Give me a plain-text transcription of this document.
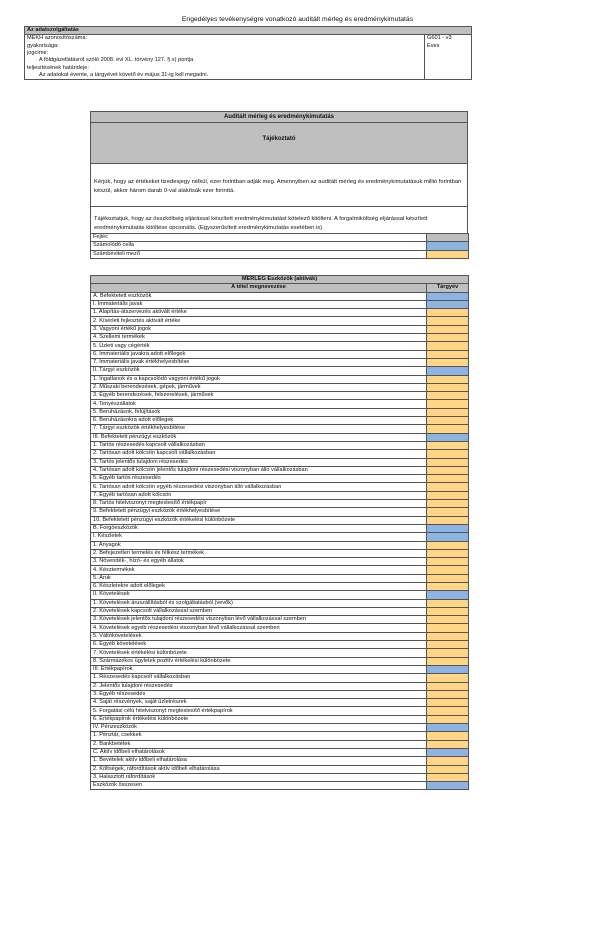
Engedélyes tevékenységre vonatkozó auditált mérleg és eredménykimutatás
Az adatszolgáltatás	
MEKH azonosítószáma:	G601 - v3
gyakorisága:	Éves
jogcíme:	
A földgázellátásról szóló 2008. évi XL. törvény 127. § s) pontja	
teljesítésének határideje:	
Az adatokat évente, a tárgyévet követő év május 31-ig kell megadni.	
Auditált mérleg és eredménykimutatás
Tájékoztató
Kérjük, hogy az értékeket tizedesjegy nélkül, ezer forintban adják meg. Amennyiben az auditált mérleg és eredménykimutatásuk millió forintban készül, akkor három darab 0-val alakítsák ezer forinttá.
Tájékoztatjuk, hogy az összköltség eljárással készített eredménykimutatást kötelező kitölteni. A forgalmiköltség eljárással készített eredménykimutatás kitöltése opcionális. (Egyszerűsített eredménykimutatás esetében is)
Fejléc	
Számolódó cella	
Számbeviteli mező	
MÉRLEG Eszközök (aktívák)	
A tétel megnevezése	Tárgyév
A. Befektetett eszközök	
I. Immateriális javak	
1. Alapítás-átszervezés aktivált értéke	
2. Kísérleti fejlesztés aktivált értéke	
3. Vagyoni értékű jogok	
4. Szellemi termékek	
5. Üzleti vagy cégérték	
6. Immateriális javakra adott előlegek	
7. Immateriális javak értékhelyesbítése	
II. Tárgyi eszközök	
1. Ingatlanok és a kapcsolódó vagyoni értékű jogok	
2. Műszaki berendezések, gépek, járművek	
3. Egyéb berendezések, felszerelések, járművek	
4. Tenyészállatok	
5. Beruházások, felújítások	
6. Beruházásokra adott előlegek	
7. Tárgyi eszközök értékhelyesbítése	
III. Befektetett pénzügyi eszközök	
1. Tartós részesedés kapcsolt vállalkozásban	
2. Tartósan adott kölcsön kapcsolt vállalkozásban	
3. Tartós jelentős tulajdoni részesedés	
4. Tartósan adott kölcsön jelentős tulajdoni részesedési viszonyban álló vállalkozásban	
5. Egyéb tartós részesedés	
6. Tartósan adott kölcsön egyéb részesedési viszonyban álló vállalkozásban	
7. Egyéb tartósan adott kölcsön	
8. Tartós hitelviszonyt megtestesítő értékpapír	
9. Befektetett pénzügyi eszközök értékhelyesbítése	
10. Befektetett pénzügyi eszközök értékelési különbözete	
B. Forgóeszközök	
I. Készletek	
1. Anyagok	
2. Befejezetlen termelés és félkész termékek	
3. Növendék-, hízó- és egyéb állatok	
4. Késztermékek	
5. Áruk	
6. Készletekre adott előlegek	
II. Követelések	
1. Követelések áruszállításból és szolgáltatásból (vevők)	
2. Követelések kapcsolt vállalkozással szemben	
3. Követelések jelentős tulajdoni részesedési viszonyban lévő vállalkozással szemben	
4. Követelések egyéb részesedési viszonyban lévő vállalkozással szemben	
5. Váltókövetelések	
6. Egyéb követelések	
7. Követelések értékelési különbözete	
8. Származékos ügyletek pozitív értékelési különbözete	
III. Értékpapírok	
1. Részesedés kapcsolt vállalkozásban	
2. Jelentős tulajdoni részesedés	
3. Egyéb részesedés	
4. Saját részvények, saját üzletrészek	
5. Forgatási célú hitelviszonyt megtestesítő értékpapírok	
6. Értékpapírok értékelési különbözete	
IV. Pénzeszközök	
1. Pénztár, csekkek	
2. Bankbetétek	
C. Aktív időbeli elhatárolások	
1. Bevételek aktív időbeli elhatárolása	
2. Költségek, ráfordítások aktív időbeli elhatárolása	
3. Halasztott ráfordítások	
Eszközök összesen	
